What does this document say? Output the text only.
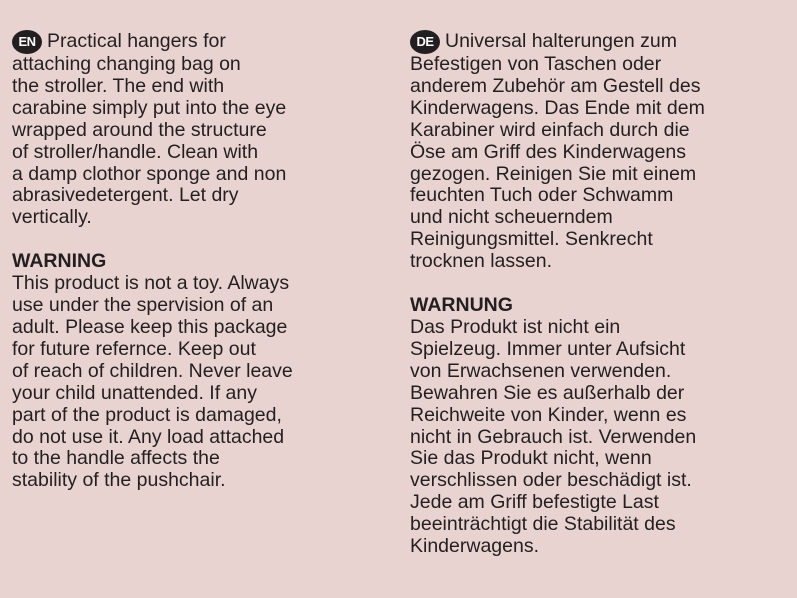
EN Practical hangers for
attaching changing bag on
the stroller. The end with
carabine simply put into the eye
wrapped around the structure
of stroller/handle. Clean with
a damp clothor sponge and non
abrasivedetergent. Let dry
vertically.
WARNING
This product is not a toy. Always
use under the spervision of an
adult. Please keep this package
for future refernce. Keep out
of reach of children. Never leave
your child unattended. If any
part of the product is damaged,
do not use it. Any load attached
to the handle affects the
stability of the pushchair.
DE Universal halterungen zum
Befestigen von Taschen oder
anderem Zubehör am Gestell des
Kinderwagens. Das Ende mit dem
Karabiner wird einfach durch die
Öse am Griff des Kinderwagens
gezogen. Reinigen Sie mit einem
feuchten Tuch oder Schwamm
und nicht scheuerndem
Reinigungsmittel. Senkrecht
trocknen lassen.
WARNUNG
Das Produkt ist nicht ein
Spielzeug. Immer unter Aufsicht
von Erwachsenen verwenden.
Bewahren Sie es außerhalb der
Reichweite von Kinder, wenn es
nicht in Gebrauch ist. Verwenden
Sie das Produkt nicht, wenn
verschlissen oder beschädigt ist.
Jede am Griff befestigte Last
beeinträchtigt die Stabilität des
Kinderwagens.
